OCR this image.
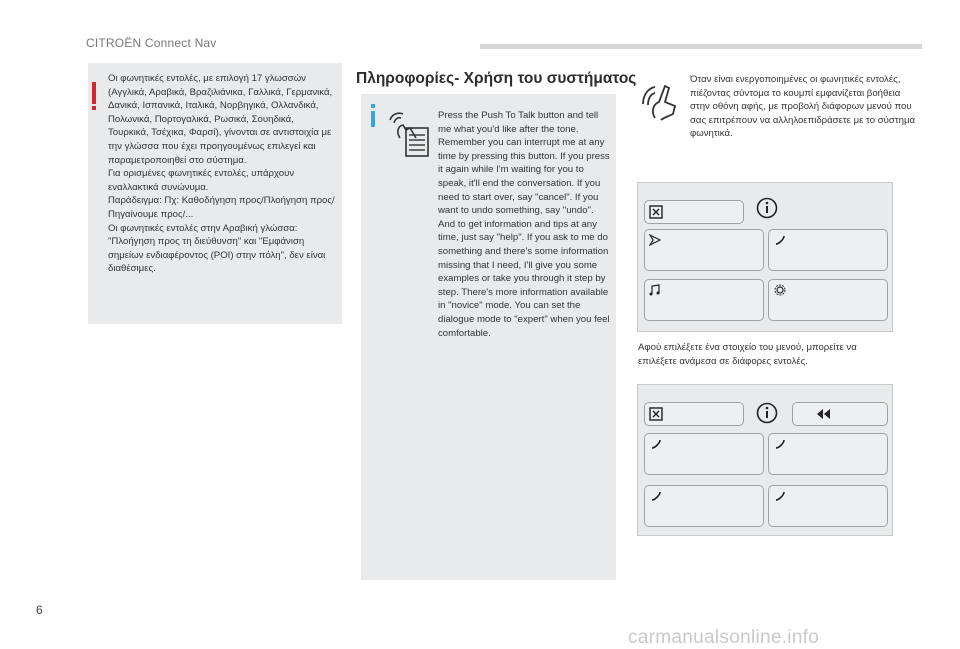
CITROËN Connect Nav
Οι φωνητικές εντολές, με επιλογή 17 γλωσσών (Αγγλικά, Αραβικά, Βραζιλιάνικα, Γαλλικά, Γερμανικά, Δανικά, Ισπανικά, Ιταλικά, Νορβηγικά, Ολλανδικά, Πολωνικά, Πορτογαλικά, Ρωσικά, Σουηδικά, Τουρκικά, Τσέχικα, Φαρσί), γίνονται σε αντιστοιχία με την γλώσσα που έχει προηγουμένως επιλεγεί και παραμετροποιηθεί στο σύστημα.
Για ορισμένες φωνητικές εντολές, υπάρχουν εναλλακτικά συνώνυμα.
Παράδειγμα: Πχ: Καθοδήγηση προς/Πλοήγηση προς/Πηγαίνουμε προς/...
Οι φωνητικές εντολές στην Αραβική γλώσσα: "Πλοήγηση προς τη διεύθυνση" και "Εμφάνιση σημείων ενδιαφέροντος (POI) στην πόλη", δεν είναι διαθέσιμες.
Πληροφορίες- Χρήση του συστήματος
Press the Push To Talk button and tell me what you'd like after the tone. Remember you can interrupt me at any time by pressing this button. If you press it again while I'm waiting for you to speak, it'll end the conversation. If you need to start over, say "cancel". If you want to undo something, say "undo". And to get information and tips at any time, just say "help". If you ask to me do something and there's some information missing that I need, I'll give you some examples or take you through it step by step. There's more information available in "novice" mode. You can set the dialogue mode to "expert" when you feel comfortable.
Όταν είναι ενεργοποιημένες οι φωνητικές εντολές, πιέζοντας σύντομα το κουμπί εμφανίζεται βοήθεια στην οθόνη αφής, με προβολή διάφορων μενού που σας επιτρέπουν να αλληλοεπιδράσετε με το σύστημα φωνητικά.
Αφού επιλέξετε ένα στοιχείο του μενού, μπορείτε να επιλέξετε ανάμεσα σε διάφορες εντολές.
6
carmanualsonline.info
